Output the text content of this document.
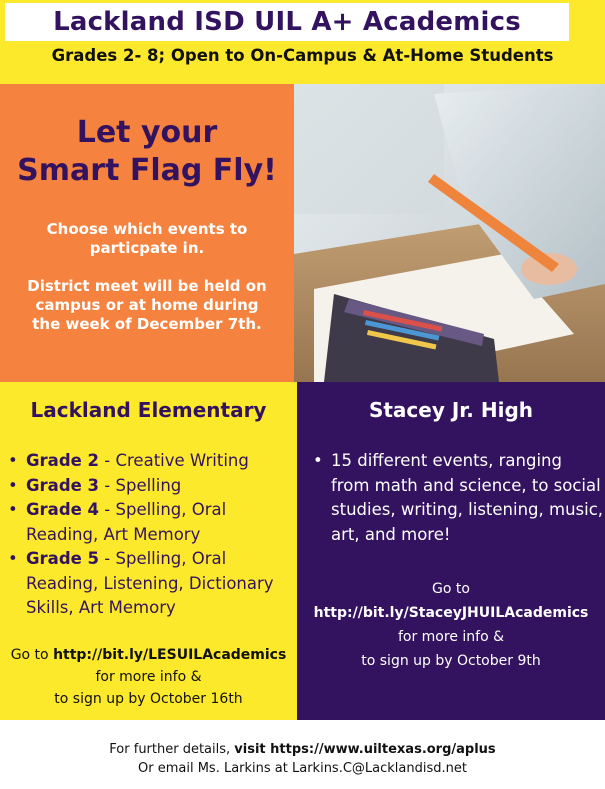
Lackland ISD UIL A+ Academics
Grades 2- 8; Open to On-Campus & At-Home Students
Let your
Smart Flag Fly!

Choose which events to particpate in.

District meet will be held on campus or at home during the week of December 7th.

Lackland Elementary
• Grade 2 - Creative Writing
• Grade 3 - Spelling
• Grade 4 - Spelling, Oral Reading, Art Memory
• Grade 5 - Spelling, Oral Reading, Listening, Dictionary Skills, Art Memory
Go to http://bit.ly/LESUILAcademics
for more info &
to sign up by October 16th
Stacey Jr. High
• 15 different events, ranging from math and science, to social studies, writing, listening, music, art, and more!
Go to
http://bit.ly/StaceyJHUILAcademics
for more info &
to sign up by October 9th
For further details, visit https://www.uiltexas.org/aplus
Or email Ms. Larkins at Larkins.C@Lacklandisd.net
